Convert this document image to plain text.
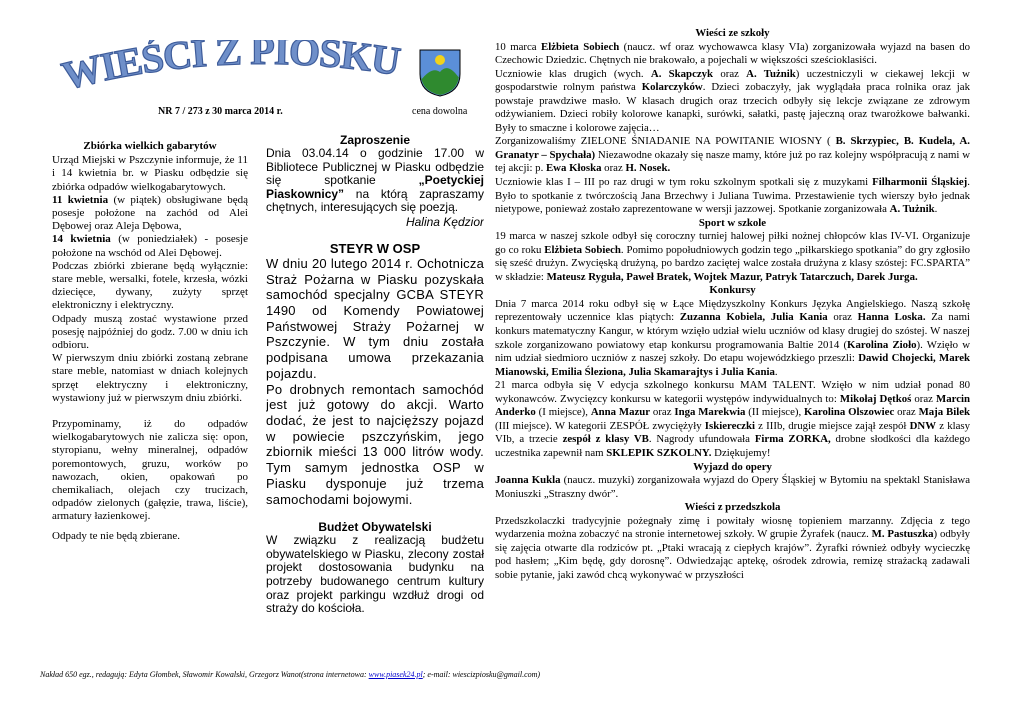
WIEŚCI Z PIOSKU
NR 7 / 273 z 30 marca 2014 r.	cena dowolna

Zbiórka wielkich gabarytów

Urząd Miejski w Pszczynie informuje, że 11 i 14 kwietnia br. w Piasku odbędzie się zbiórka odpadów wielkogabarytowych.

11 kwietnia (w piątek) obsługiwane będą posesje położone na zachód od Alei Dębowej oraz Aleja Dębowa,

14 kwietnia (w poniedziałek) - posesje położone na wschód od Alei Dębowej.

Podczas zbiórki zbierane będą wyłącznie: stare meble, wersalki, fotele, krzesła, wózki dziecięce, dywany, zużyty sprzęt elektroniczny i elektryczny.

Odpady muszą zostać wystawione przed posesję najpóźniej do godz. 7.00 w dniu ich odbioru.

W pierwszym dniu zbiórki zostaną zebrane stare meble, natomiast w dniach kolejnych sprzęt elektryczny i elektroniczny, wystawiony już w pierwszym dniu zbiórki.

Przypominamy, iż do odpadów wielkogabarytowych nie zalicza się: opon, styropianu, wełny mineralnej, odpadów poremontowych, gruzu, worków po nawozach, okien, opakowań po chemikaliach, olejach czy trucizach, odpadów zielonych (gałęzie, trawa, liście), armatury łazienkowej.

Odpady te nie będą zbierane.

Zaproszenie

Dnia 03.04.14 o godzinie 17.00 w Bibliotece Publicznej w Piasku odbędzie się spotkanie „Poetyckiej Piaskownicy” na którą zapraszamy chętnych, interesujących się poezją.

Halina Kędzior

STEYR W OSP

W dniu 20 lutego 2014 r. Ochotnicza Straż Pożarna w Piasku pozyskała samochód specjalny GCBA STEYR 1490 od Komendy Powiatowej Państwowej Straży Pożarnej w Pszczynie. W tym dniu została podpisana umowa przekazania pojazdu.

Po drobnych remontach samochód jest już gotowy do akcji. Warto dodać, że jest to najcięższy pojazd w powiecie pszczyńskim, jego zbiornik mieści 13 000 litrów wody. Tym samym jednostka OSP w Piasku dysponuje już trzema samochodami bojowymi.

Budżet Obywatelski

W związku z realizacją budżetu obywatelskiego w Piasku, zlecony został projekt dostosowania budynku na potrzeby budowanego centrum kultury oraz projekt parkingu wzdłuż drogi od straży do kościoła.

Wieści ze szkoły

10 marca Elżbieta Sobiech (naucz. wf oraz wychowawca klasy VIa) zorganizowała wyjazd na basen do Czechowic Dziedzic. Chętnych nie brakowało, a pojechali w większości sześcioklasiści.

Uczniowie klas drugich (wych. A. Skapczyk oraz A. Tużnik) uczestniczyli w ciekawej lekcji w gospodarstwie rolnym państwa Kolarczyków. Dzieci zobaczyły, jak wyglądała praca rolnika oraz jak powstaje prawdziwe masło. W klasach drugich oraz trzecich odbyły się lekcje związane ze zdrowym odżywianiem. Dzieci robiły kolorowe kanapki, surówki, sałatki, pastę jajeczną oraz twarożkowe bałwanki. Były to smaczne i kolorowe zajęcia…

Zorganizowaliśmy ZIELONE ŚNIADANIE NA POWITANIE WIOSNY ( B. Skrzypiec, B. Kudela, A. Granatyr – Spychała) Niezawodne okazały się nasze mamy, które już po raz kolejny współpracują z nami w tej akcji: p. Ewa Kłoska oraz H. Nosek.

Uczniowie klas I – III po raz drugi w tym roku szkolnym spotkali się z muzykami Filharmonii Śląskiej. Było to spotkanie z twórczością Jana Brzechwy i Juliana Tuwima. Przestawienie tych wierszy było jednak nietypowe, ponieważ zostało zaprezentowane w wersji jazzowej. Spotkanie zorganizowała A. Tużnik.

Sport w szkole

19 marca w naszej szkole odbył się coroczny turniej halowej piłki nożnej chłopców klas IV-VI. Organizuje go co roku Elżbieta Sobiech. Pomimo popołudniowych godzin tego „piłkarskiego spotkania” do gry zgłosiło się sześć drużyn. Zwycięską drużyną, po bardzo zaciętej walce została drużyna z klasy szóstej: FC.SPARTA” w składzie: Mateusz Ryguła, Paweł Bratek, Wojtek Mazur, Patryk Tatarczuch, Darek Jurga.

Konkursy

Dnia 7 marca 2014 roku odbył się w Łące Międzyszkolny Konkurs Języka Angielskiego. Naszą szkołę reprezentowały uczennice klas piątych: Zuzanna Kobiela, Julia Kania oraz Hanna Loska. Za nami konkurs matematyczny Kangur, w którym wzięło udział wielu uczniów od klasy drugiej do szóstej. W naszej szkole zorganizowano powiatowy etap konkursu programowania Baltie 2014 (Karolina Zioło). Wzięło w nim udział siedmioro uczniów z naszej szkoły. Do etapu wojewódzkiego przeszli: Dawid Chojecki, Marek Mianowski, Emilia Śleziona, Julia Skamarajtys i Julia Kania.

21 marca odbyła się V edycja szkolnego konkursu MAM TALENT. Wzięło w nim udział ponad 80 wykonawców. Zwycięzcy konkursu w kategorii występów indywidualnych to: Mikołaj Dętkoś oraz Marcin Anderko (I miejsce), Anna Mazur oraz Inga Marekwia (II miejsce), Karolina Olszowiec oraz Maja Bilek (III miejsce). W kategorii ZESPÓŁ zwyciężyły Iskiereczki z IIIb, drugie miejsce zajął zespół DNW z klasy VIb, a trzecie zespół z klasy VB. Nagrody ufundowała Firma ZORKA, drobne słodkości dla każdego uczestnika zapewnił nam SKLEPIK SZKOLNY. Dziękujemy!

Wyjazd do opery

Joanna Kukla (naucz. muzyki) zorganizowała wyjazd do Opery Śląskiej w Bytomiu na spektakl Stanisława Moniuszki „Straszny dwór”.

Wieści z przedszkola

Przedszkolaczki tradycyjnie pożegnały zimę i powitały wiosnę topieniem marzanny. Zdjęcia z tego wydarzenia można zobaczyć na stronie internetowej szkoły. W grupie Żyrafek (naucz. M. Pastuszka) odbyły się zajęcia otwarte dla rodziców pt. „Ptaki wracają z ciepłych krajów”. Żyrafki również odbyły wycieczkę pod hasłem; „Kim będę, gdy dorosnę”. Odwiedzając aptekę, ośrodek zdrowia, remizę strażacką zadawali sobie pytanie, jaki zawód chcą wykonywać w przyszłości

Nakład 650 egz., redagują: Edyta Głombek, Sławomir Kowalski, Grzegorz Wanot(strona internetowa: www.piasek24.pl; e-mail: wiescizpiosku@gmail.com)
